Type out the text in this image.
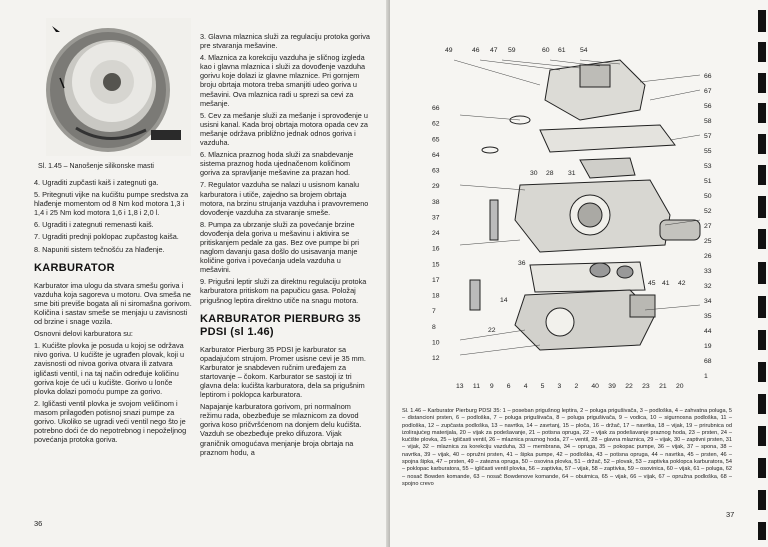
Sl. 1.45 – Nanošenje silikonske masti

4. Ugraditi zupčasti kaiš i zategnuti ga.

5. Pritegnuti vijke na kućištu pumpe sredstva za hlađenje momentom od 8 Nm kod motora 1,3 i 1,4 i 25 Nm kod motora 1,6 i 1,8 i 2,0 l.

6. Ugraditi i zategnuti remenasti kaiš.

7. Ugraditi prednji poklopac zupčastog kaiša.

8. Napuniti sistem tečnošću za hlađenje.

KARBURATOR

Karburator ima ulogu da stvara smešu goriva i vazduha koja sagoreva u motoru. Ova smeša ne sme biti previše bogata ali ni siromašna gorivom. Količina i sastav smeše se menjaju u zavisnosti od brzine i snage vozila.

Osnovni delovi karburatora su:

1. Kućište plovka je posuda u kojoj se održava nivo goriva. U kućište je ugrađen plovak, koji u zavisnosti od nivoa goriva otvara ili zatvara igličasti ventil, i na taj način određuje količinu goriva koje će ući u kućište. Gorivo u lonče plovka dolazi pomoću pumpe za gorivo.

2. Igličasti ventil plovka je svojom veličinom i masom prilagođen potisnoj snazi pumpe za gorivo. Ukoliko se ugradi veći ventil nego što je potrebno doći će do nepotrebnog i nepoželjnog povećanja protoka goriva.

3. Glavna mlaznica služi za regulaciju protoka goriva pre stvaranja mešavine.

4. Mlaznica za korekciju vazduha je sličnog izgleda kao i glavna mlaznica i služi za dovođenje vazduha gorivu koje dolazi iz glavne mlaznice. Pri gornjem broju obrtaja motora treba smanjiti udeo goriva u mešavini. Ova mlaznica radi u sprezi sa cevi za mešanje.

5. Cev za mešanje služi za mešanje i sprovođenje u usisni kanal. Kada broj obrtaja motora opada cev za mešanje održava približno jednak odnos goriva i vazduha.

6. Mlaznica praznog hoda služi za snabdevanje sistema praznog hoda ujednačenom količinom goriva za spravljanje mešavine za prazan hod.

7. Regulator vazduha se nalazi u usisnom kanalu karburatora i utiče, zajedno sa brojem obrtaja motora, na brzinu strujanja vazduha i pravovremeno dovođenje vazduha za stvaranje smeše.

8. Pumpa za ubrzanje služi za povećanje brzine dovođenja dela goriva u mešavinu i aktivira se pritiskanjem pedale za gas. Bez ove pumpe bi pri naglom davanju gasa došlo do usisavanja manje količine goriva i povećanja udela vazduha u mešavini.

9. Prigušni leptir služi za direktnu regulaciju protoka karburatora pritiskom na papučicu gasa. Položaj prigušnog leptira direktno utiče na snagu motora.

KARBURATOR PIERBURG 35 PDSI (sl 1.46)

Karburator Pierburg 35 PDSI je karburator sa opadajućom strujom. Promer usisne cevi je 35 mm. Karburator je snabdeven ručnim uređajem za startovanje – čokom. Karburator se sastoji iz tri glavna dela: kućišta karburatora, dela sa prigušnim leptirom i poklopca karburatora.

Napajanje karburatora gorivom, pri normalnom režimu rada, obezbeđuje se mlaznicom za dovod goriva koso pričvršćenom na donjem delu kućišta. Vazduh se obezbeđuje preko difuzora. Vijak graničnik omogućava menjanje broja obrtaja na praznom hodu, a

36
49	46 47 59	60 61 54
66
67
56
58
57
55
53
51
50
52
27
25
26
33
32
34
35
44
19
68
1
66
62
65
64
63
29
38
37
24
16
15
17
18
7
8
10
12
30 28 31
36
45 41 42
14
22
13 11 9 6 4 5 3 2 40 39 22 23 21 20
Sl. 1.46 – Karburator Pierburg PDSI 35: 1 – poseban prigušnog leptira, 2 – poluga prigušivača, 3 – podloška, 4 – zahvatna poluga, 5 – distancioni prsten, 6 – podloška, 7 – poluga prigušivača, 8 – poluga prigušivača, 9 – vodica, 10 – sigurnosna podloška, 11 – podloška, 12 – zupčasta podloška, 13 – navrtka, 14 – zavrtanj, 15 – ploča, 16 – držač, 17 – navrtka, 18 – vijak, 19 – prirubnica od izolirajućeg materijala, 20 – vijak za podešavanje, 21 – potisna opruga, 22 – vijak za podešavanje praznog hoda, 23 – prsten, 24 – kućište plovka, 25 – igličasti ventil, 26 – mlaznica praznog hoda, 27 – ventil, 28 – glavna mlaznica, 29 – vijak, 30 – zaptivni prsten, 31 – vijak, 32 – mlaznica za korekciju vazduha, 33 – membrana, 34 – opruga, 35 – pokopac pumpe, 36 – vijak, 37 – spona, 38 – navrtka, 39 – vijak, 40 – opružni prsten, 41 – šipka pumpe, 42 – podloška, 43 – potisna opruga, 44 – navrtka, 45 – prsten, 46 – spojna šipka, 47 – prsten, 49 – zatezna opruga, 50 – osovina plovka, 51 – držač, 52 – plovak, 53 – zaptivka poklopca karburatora, 54 – poklopac karburatora, 55 – igličasti ventil plovka, 56 – zaptivka, 57 – vijak, 58 – zaptivka, 59 – osovinica, 60 – vijak, 61 – poluga, 62 – nosač Bowden komande, 63 – nosač Bowdenove komande, 64 – obuimica, 65 – vijak, 66 – vijak, 67 – opružna podloška, 68 – spojno crevo
37
